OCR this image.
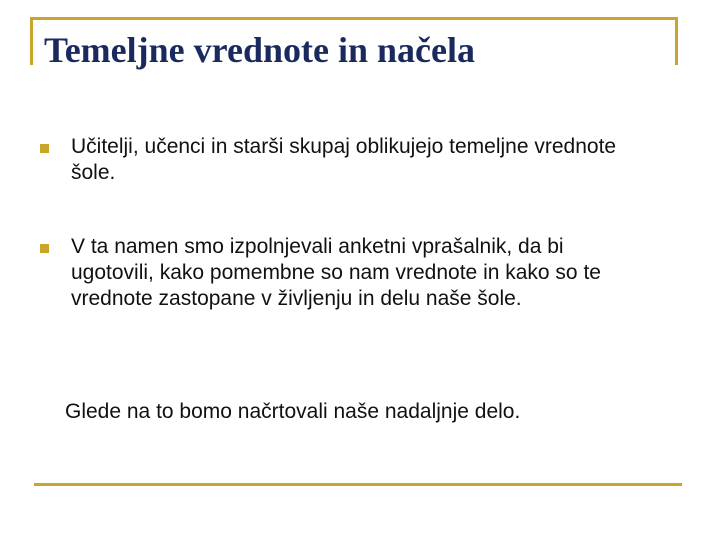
Temeljne vrednote in načela
Učitelji, učenci in starši skupaj oblikujejo temeljne vrednote šole.
V ta namen smo izpolnjevali anketni vprašalnik, da bi ugotovili, kako pomembne so nam vrednote in kako so te vrednote zastopane v življenju in delu naše šole.

Glede na to bomo načrtovali naše nadaljnje delo.
